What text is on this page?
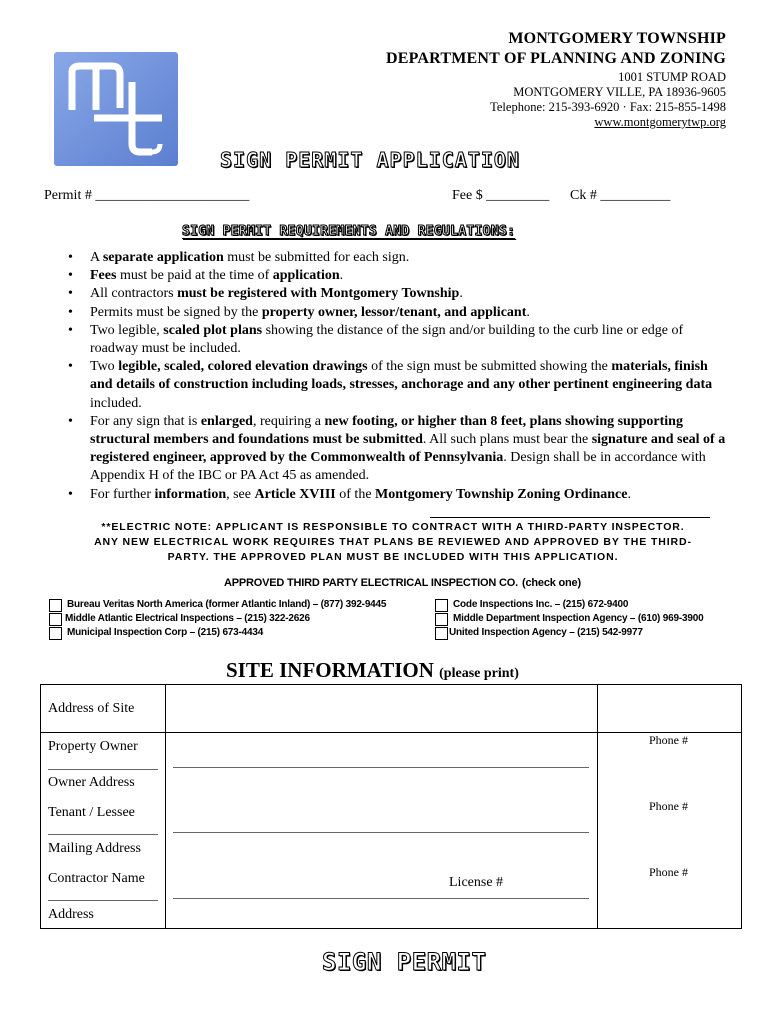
MONTGOMERY TOWNSHIP
DEPARTMENT OF PLANNING AND ZONING
1001 STUMP ROAD
MONTGOMERY VILLE, PA 18936-9605
Telephone: 215-393-6920 · Fax: 215-855-1498
www.montgomerytwp.org
SIGN PERMIT APPLICATION
Permit # ______________________	Fee $ _________ Ck # __________
SIGN PERMIT REQUIREMENTS AND REGULATIONS:
• A separate application must be submitted for each sign.
• Fees must be paid at the time of application.
• All contractors must be registered with Montgomery Township.
• Permits must be signed by the property owner, lessor/tenant, and applicant.
• Two legible, scaled plot plans showing the distance of the sign and/or building to the curb line or edge of roadway must be included.
• Two legible, scaled, colored elevation drawings of the sign must be submitted showing the materials, finish and details of construction including loads, stresses, anchorage and any other pertinent engineering data included.
• For any sign that is enlarged, requiring a new footing, or higher than 8 feet, plans showing supporting structural members and foundations must be submitted. All such plans must bear the signature and seal of a registered engineer, approved by the Commonwealth of Pennsylvania. Design shall be in accordance with Appendix H of the IBC or PA Act 45 as amended.
• For further information, see Article XVIII of the Montgomery Township Zoning Ordinance.
**ELECTRIC NOTE: APPLICANT IS RESPONSIBLE TO CONTRACT WITH A THIRD-PARTY INSPECTOR.
ANY NEW ELECTRICAL WORK REQUIRES THAT PLANS BE REVIEWED AND APPROVED BY THE THIRD-
PARTY. THE APPROVED PLAN MUST BE INCLUDED WITH THIS APPLICATION.
APPROVED THIRD PARTY ELECTRICAL INSPECTION CO. (check one)
Bureau Veritas North America (former Atlantic Inland) – (877) 392-9445
Middle Atlantic Electrical Inspections – (215) 322-2626
Municipal Inspection Corp – (215) 673-4434
Code Inspections Inc. – (215) 672-9400
Middle Department Inspection Agency – (610) 969-3900
United Inspection Agency – (215) 542-9977
SITE INFORMATION (please print)
Address of Site
Property Owner
Owner Address
Tenant / Lessee
Mailing Address
Contractor Name
Address
License #
Phone #
Phone #
Phone #
SIGN PERMIT
